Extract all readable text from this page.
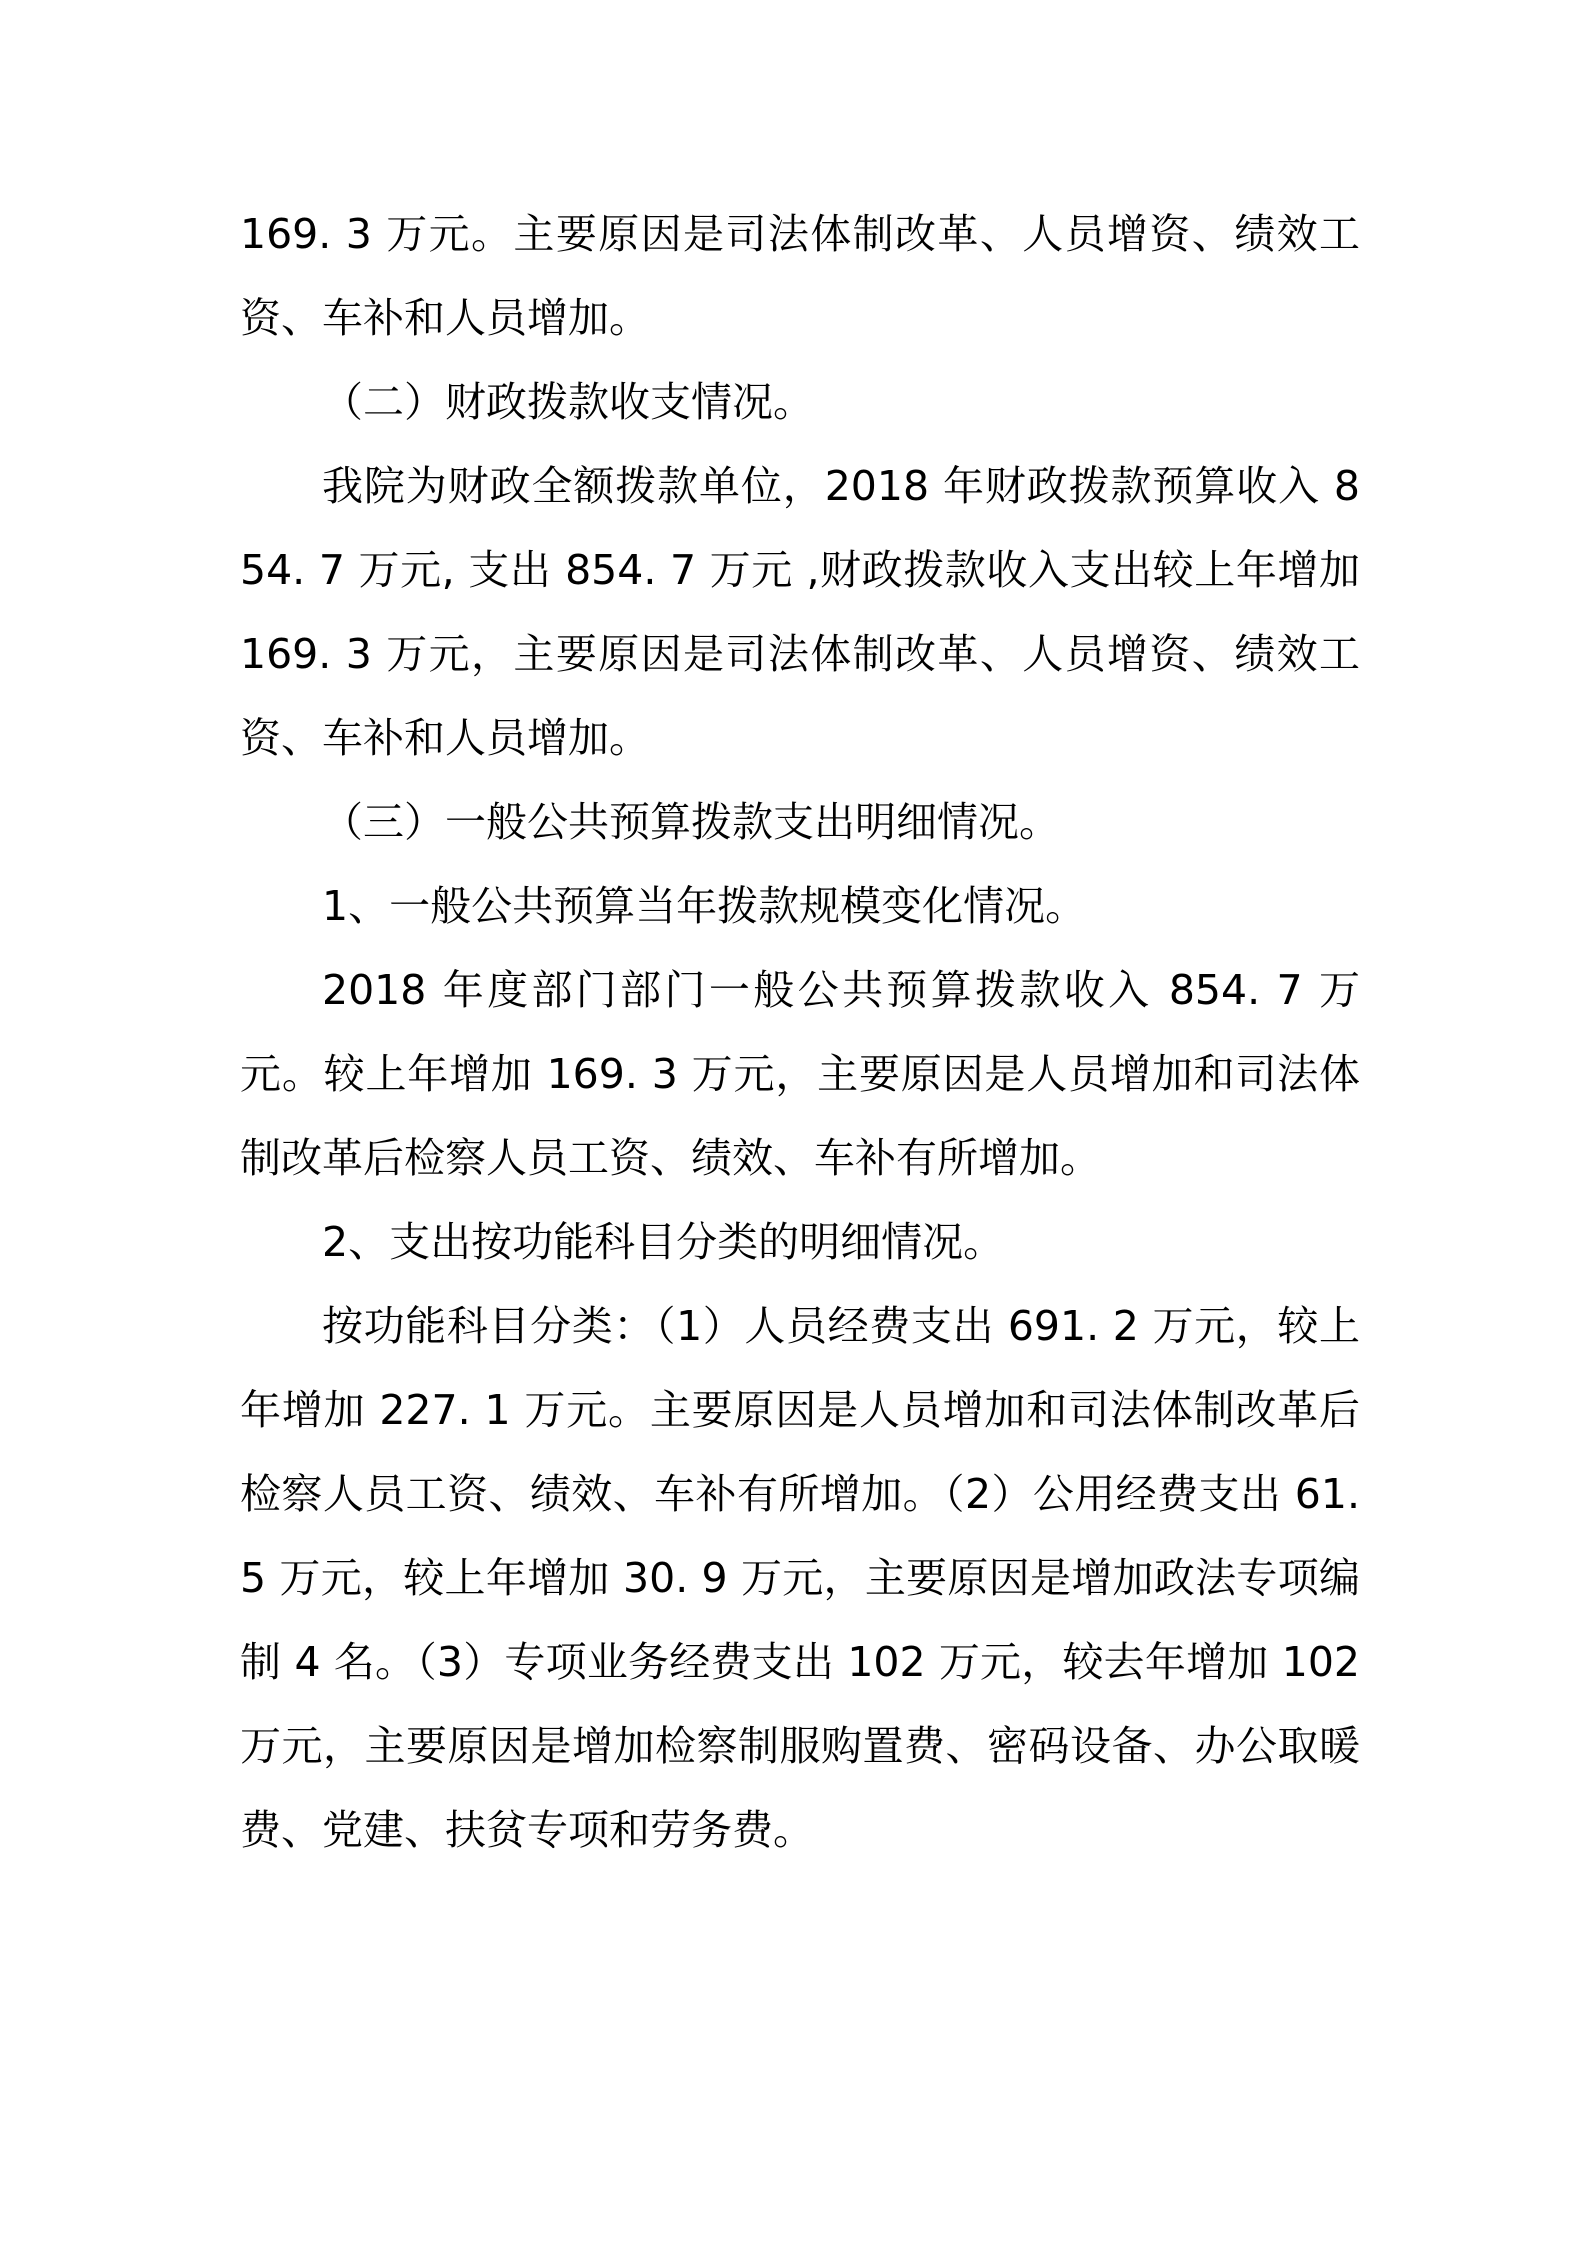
169. 3 万元。主要原因是司法体制改革、人员增资、绩效工资、车补和人员增加。

（二）财政拨款收支情况。

我院为财政全额拨款单位，2018 年财政拨款预算收入 854. 7 万元, 支出 854. 7 万元 ,财政拨款收入支出较上年增加 169. 3 万元，主要原因是司法体制改革、人员增资、绩效工资、车补和人员增加。

（三）一般公共预算拨款支出明细情况。

1、一般公共预算当年拨款规模变化情况。

2018 年度部门部门一般公共预算拨款收入 854. 7 万元。较上年增加 169. 3 万元，主要原因是人员增加和司法体制改革后检察人员工资、绩效、车补有所增加。

2、支出按功能科目分类的明细情况。

按功能科目分类：（1）人员经费支出 691. 2 万元，较上年增加 227. 1 万元。主要原因是人员增加和司法体制改革后检察人员工资、绩效、车补有所增加。（2）公用经费支出 61. 5 万元，较上年增加 30. 9 万元，主要原因是增加政法专项编制 4 名。（3）专项业务经费支出 102 万元，较去年增加 102 万元，主要原因是增加检察制服购置费、密码设备、办公取暖费、党建、扶贫专项和劳务费。
